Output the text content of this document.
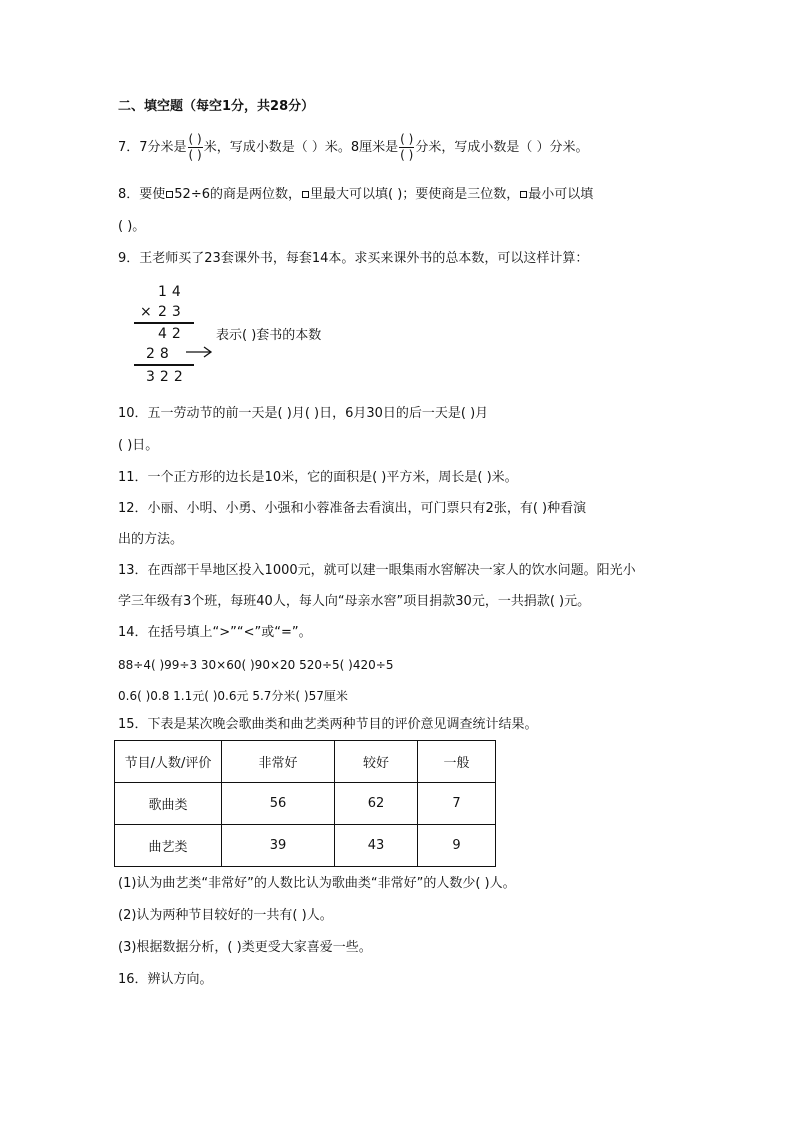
二、填空题（每空1分，共28分）
7．7分米是 $\frac{( )}{( )}$ 米，写成小数是（ ）米。8厘米是 $\frac{( )}{( )}$ 分米，写成小数是（ ）分米。
8．要使 52÷6的商是两位数， 里最大可以填( )；要使商是三位数， 最小可以填
( )。
9．王老师买了23套课外书，每套14本。求买来课外书的总本数，可以这样计算：
14
× 23
42
28
322
表示( )套书的本数
10．五一劳动节的前一天是( )月( )日，6月30日的后一天是( )月
( )日。
11．一个正方形的边长是10米，它的面积是( )平方米，周长是( )米。
12．小丽、小明、小勇、小强和小蓉准备去看演出，可门票只有2张，有( )种看演
出的方法。
13．在西部干旱地区投入1000元，就可以建一眼集雨水窖解决一家人的饮水问题。阳光小
学三年级有3个班，每班40人，每人向“母亲水窖”项目捐款30元，一共捐款( )元。
14．在括号填上“>”“<”或“=”。
88÷4( )99÷3 30×60( )90×20 520÷5( )420÷5
0.6( )0.8 1.1元( )0.6元 5.7分米( )57厘米
15．下表是某次晚会歌曲类和曲艺类两种节目的评价意见调查统计结果。
节目/人数/评价	非常好	较好	一般
歌曲类	56	62	7
曲艺类	39	43	9
(1)认为曲艺类“非常好”的人数比认为歌曲类“非常好”的人数少( )人。
(2)认为两种节目较好的一共有( )人。
(3)根据数据分析，( )类更受大家喜爱一些。
16．辨认方向。
